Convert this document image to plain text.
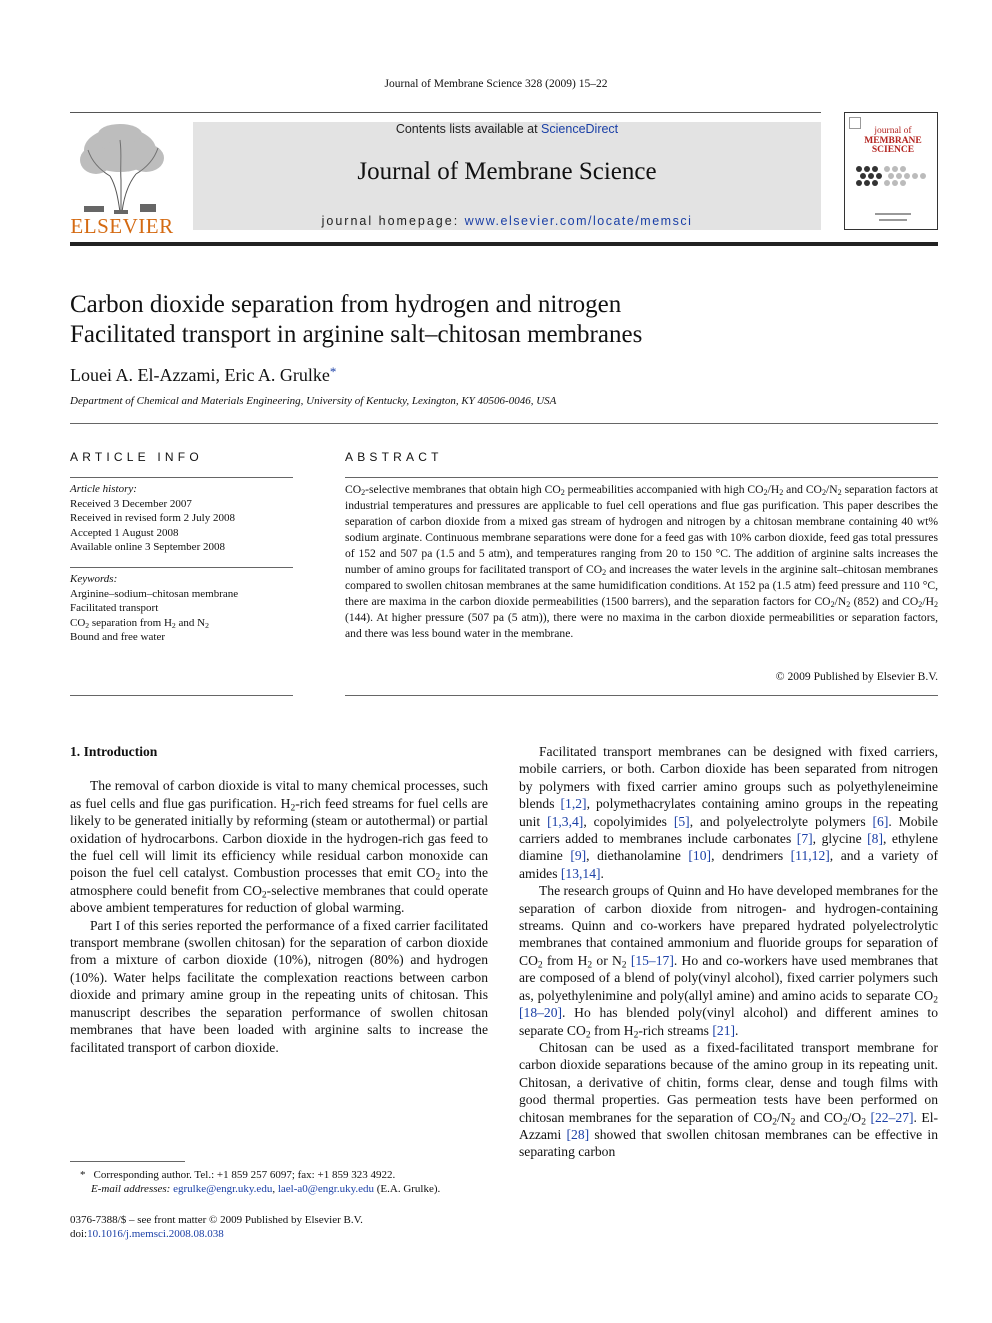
Journal of Membrane Science 328 (2009) 15–22
ELSEVIER
Contents lists available at ScienceDirect
Journal of Membrane Science
journal homepage: www.elsevier.com/locate/memsci
journal of
MEMBRANE
SCIENCE
Carbon dioxide separation from hydrogen and nitrogen
Facilitated transport in arginine salt–chitosan membranes
Louei A. El-Azzami, Eric A. Grulke*
Department of Chemical and Materials Engineering, University of Kentucky, Lexington, KY 40506-0046, USA
ARTICLE INFO	ABSTRACT
Article history:
Received 3 December 2007
Received in revised form 2 July 2008
Accepted 1 August 2008
Available online 3 September 2008
Keywords:
Arginine–sodium–chitosan membrane
Facilitated transport
$CO_2$ separation from $H_2$ and $N_2$
Bound and free water
$CO_2$-selective membranes that obtain high $CO_2$ permeabilities accompanied with high $CO_2/H_2$ and $CO_2/N_2$ separation factors at industrial temperatures and pressures are applicable to fuel cell operations and flue gas purification. This paper describes the separation of carbon dioxide from a mixed gas stream of hydrogen and nitrogen by a chitosan membrane containing 40 wt% sodium arginate. Continuous membrane separations were done for a feed gas with 10% carbon dioxide, feed gas total pressures of 152 and 507 pa (1.5 and 5 atm), and temperatures ranging from 20 to 150 °C. The addition of arginine salts increases the number of amino groups for facilitated transport of $CO_2$ and increases the water levels in the arginine salt–chitosan membranes compared to swollen chitosan membranes at the same humidification conditions. At 152 pa (1.5 atm) feed pressure and 110 °C, there are maxima in the carbon dioxide permeabilities (1500 barrers), and the separation factors for $CO_2/N_2$ (852) and $CO_2/H_2$ (144). At higher pressure (507 pa (5 atm)), there were no maxima in the carbon dioxide permeabilities or separation factors, and there was less bound water in the membrane.
© 2009 Published by Elsevier B.V.
1. Introduction

The removal of carbon dioxide is vital to many chemical processes, such as fuel cells and flue gas purification. $H_2$-rich feed streams for fuel cells are likely to be generated initially by reforming (steam or autothermal) or partial oxidation of hydrocarbons. Carbon dioxide in the hydrogen-rich gas feed to the fuel cell will limit its efficiency while residual carbon monoxide can poison the fuel cell catalyst. Combustion processes that emit $CO_2$ into the atmosphere could benefit from $CO_2$-selective membranes that could operate above ambient temperatures for reduction of global warming.

Part I of this series reported the performance of a fixed carrier facilitated transport membrane (swollen chitosan) for the separation of carbon dioxide from a mixture of carbon dioxide (10%), nitrogen (80%) and hydrogen (10%). Water helps facilitate the complexation reactions between carbon dioxide and primary amine group in the repeating units of chitosan. This manuscript describes the separation performance of swollen chitosan membranes that have been loaded with arginine salts to increase the facilitated transport of carbon dioxide.

Facilitated transport membranes can be designed with fixed carriers, mobile carriers, or both. Carbon dioxide has been separated from nitrogen by polymers with fixed carrier amino groups such as polyethyleneimine blends [1,2], polymethacrylates containing amino groups in the repeating unit [1,3,4], copolyimides [5], and polyelectrolyte polymers [6]. Mobile carriers added to membranes include carbonates [7], glycine [8], ethylene diamine [9], diethanolamine [10], dendrimers [11,12], and a variety of amides [13,14].

The research groups of Quinn and Ho have developed membranes for the separation of carbon dioxide from nitrogen- and hydrogen-containing streams. Quinn and co-workers have prepared hydrated polyelectrolytic membranes that contained ammonium and fluoride groups for separation of $CO_2$ from $H_2$ or $N_2$ [15–17]. Ho and co-workers have used membranes that are composed of a blend of poly(vinyl alcohol), fixed carrier polymers such as, polyethylenimine and poly(allyl amine) and amino acids to separate $CO_2$ [18–20]. Ho has blended poly(vinyl alcohol) and different amines to separate $CO_2$ from $H_2$-rich streams [21].

Chitosan can be used as a fixed-facilitated transport membrane for carbon dioxide separations because of the amino group in its repeating unit. Chitosan, a derivative of chitin, forms clear, dense and tough films with good thermal properties. Gas permeation tests have been performed on chitosan membranes for the separation of $CO_2/N_2$ and $CO_2/O_2$ [22–27]. El-Azzami [28] showed that swollen chitosan membranes can be effective in separating carbon

* Corresponding author. Tel.: +1 859 257 6097; fax: +1 859 323 4922.
E-mail addresses: egrulke@engr.uky.edu, lael-a0@engr.uky.edu (E.A. Grulke).
0376-7388/$ – see front matter © 2009 Published by Elsevier B.V.
doi:10.1016/j.memsci.2008.08.038
